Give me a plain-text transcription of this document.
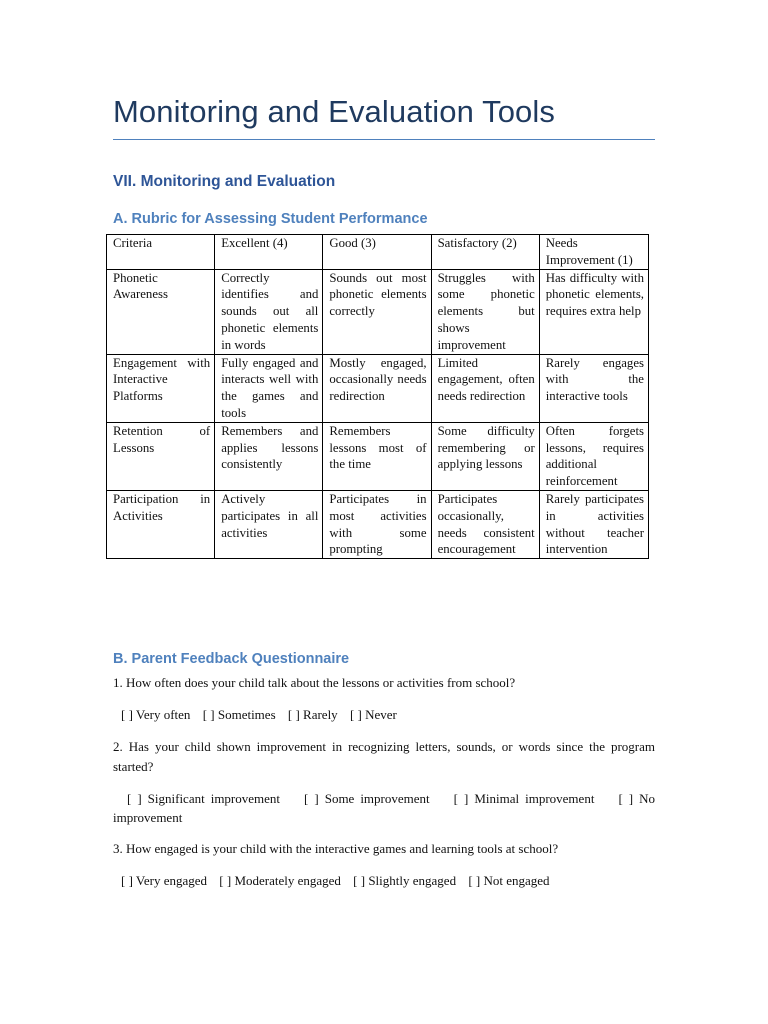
Monitoring and Evaluation Tools
VII. Monitoring and Evaluation
A. Rubric for Assessing Student Performance
Criteria	Excellent (4)	Good (3)	Satisfactory (2)	Needs Improvement (1)
Phonetic Awareness	Correctly identifies and sounds out all phonetic elements in words	Sounds out most phonetic elements correctly	Struggles with some phonetic elements but shows improvement	Has difficulty with phonetic elements, requires extra help
Engagement with Interactive Platforms	Fully engaged and interacts well with the games and tools	Mostly engaged, occasionally needs redirection	Limited engagement, often needs redirection	Rarely engages with the interactive tools
Retention of Lessons	Remembers and applies lessons consistently	Remembers lessons most of the time	Some difficulty remembering or applying lessons	Often forgets lessons, requires additional reinforcement
Participation in Activities	Actively participates in all activities	Participates in most activities with some prompting	Participates occasionally, needs consistent encouragement	Rarely participates in activities without teacher intervention
B. Parent Feedback Questionnaire
1. How often does your child talk about the lessons or activities from school?
[ ] Very often [ ] Sometimes [ ] Rarely [ ] Never
2. Has your child shown improvement in recognizing letters, sounds, or words since the program started?
[ ] Significant improvement [ ] Some improvement [ ] Minimal improvement [ ] No improvement
3. How engaged is your child with the interactive games and learning tools at school?
[ ] Very engaged [ ] Moderately engaged [ ] Slightly engaged [ ] Not engaged
